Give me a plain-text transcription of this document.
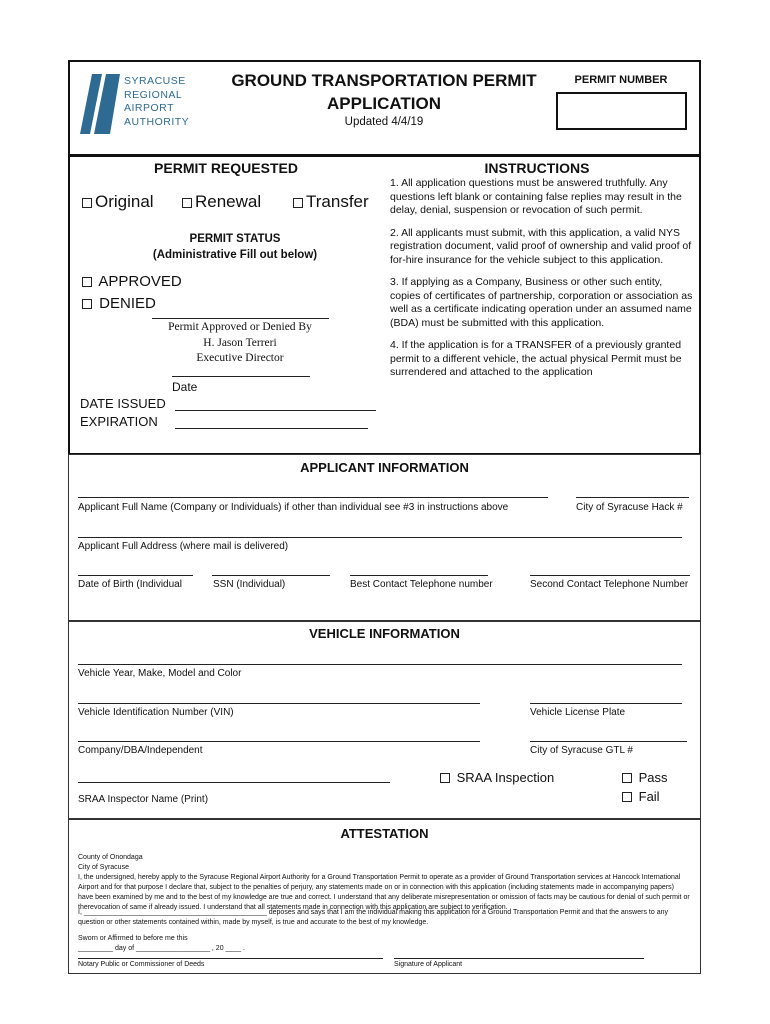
SYRACUSE
REGIONAL
AIRPORT
AUTHORITY
GROUND TRANSPORTATION PERMIT
APPLICATION
Updated 4/4/19
PERMIT NUMBER
PERMIT REQUESTED
Original	Renewal	Transfer
PERMIT STATUS
(Administrative Fill out below)
APPROVED
DENIED
Permit Approved or Denied By
H. Jason Terreri
Executive Director
Date
DATE ISSUED
EXPIRATION
INSTRUCTIONS

1. All application questions must be answered truthfully. Any questions left blank or containing false replies may result in the delay, denial, suspension or revocation of such permit.

2. All applicants must submit, with this application, a valid NYS registration document, valid proof of ownership and valid proof of for-hire insurance for the vehicle subject to this application.

3. If applying as a Company, Business or other such entity, copies of certificates of partnership, corporation or association as well as a certificate indicating operation under an assumed name (BDA) must be submitted with this application.

4. If the application is for a TRANSFER of a previously granted permit to a different vehicle, the actual physical Permit must be surrendered and attached to the application

APPLICANT INFORMATION
Applicant Full Name (Company or Individuals) if other than individual see #3 in instructions above	City of Syracuse Hack #
Applicant Full Address (where mail is delivered)
Date of Birth (Individual	SSN (Individual)	Best Contact Telephone number	Second Contact Telephone Number
VEHICLE INFORMATION
Vehicle Year, Make, Model and Color
Vehicle Identification Number (VIN)	Vehicle License Plate
Company/DBA/Independent	City of Syracuse GTL #
SRAA Inspection	Pass
Fail
SRAA Inspector Name (Print)
ATTESTATION
County of Onondaga
City of Syracuse
I, the undersigned, hereby apply to the Syracuse Regional Airport Authority for a Ground Transportation Permit to operate as a provider of Ground Transportation services at Hancock International Airport and for that purpose I declare that, subject to the penalties of perjury, any statements made on or in connection with this application (including statements made in accompanying papers) have been examined by me and to the best of my knowledge are true and correct. I understand that any deliberate misrepresentation or omission of facts may be cautious for denial of such permit or therevocation of same if already issued. I understand that all statements made in connection with this application are subject to verification.
I, _______________________________________________ deposes and says that I am the individual making this application for a Ground Transportation Permit and that the answers to any question or other statements contained within, made by myself, is true and accurate to the best of my knowledge.
Sworn or Affirmed to before me this
_________ day of ___________________ , 20 ____ .
Notary Public or Commissioner of Deeds	Signature of Applicant
